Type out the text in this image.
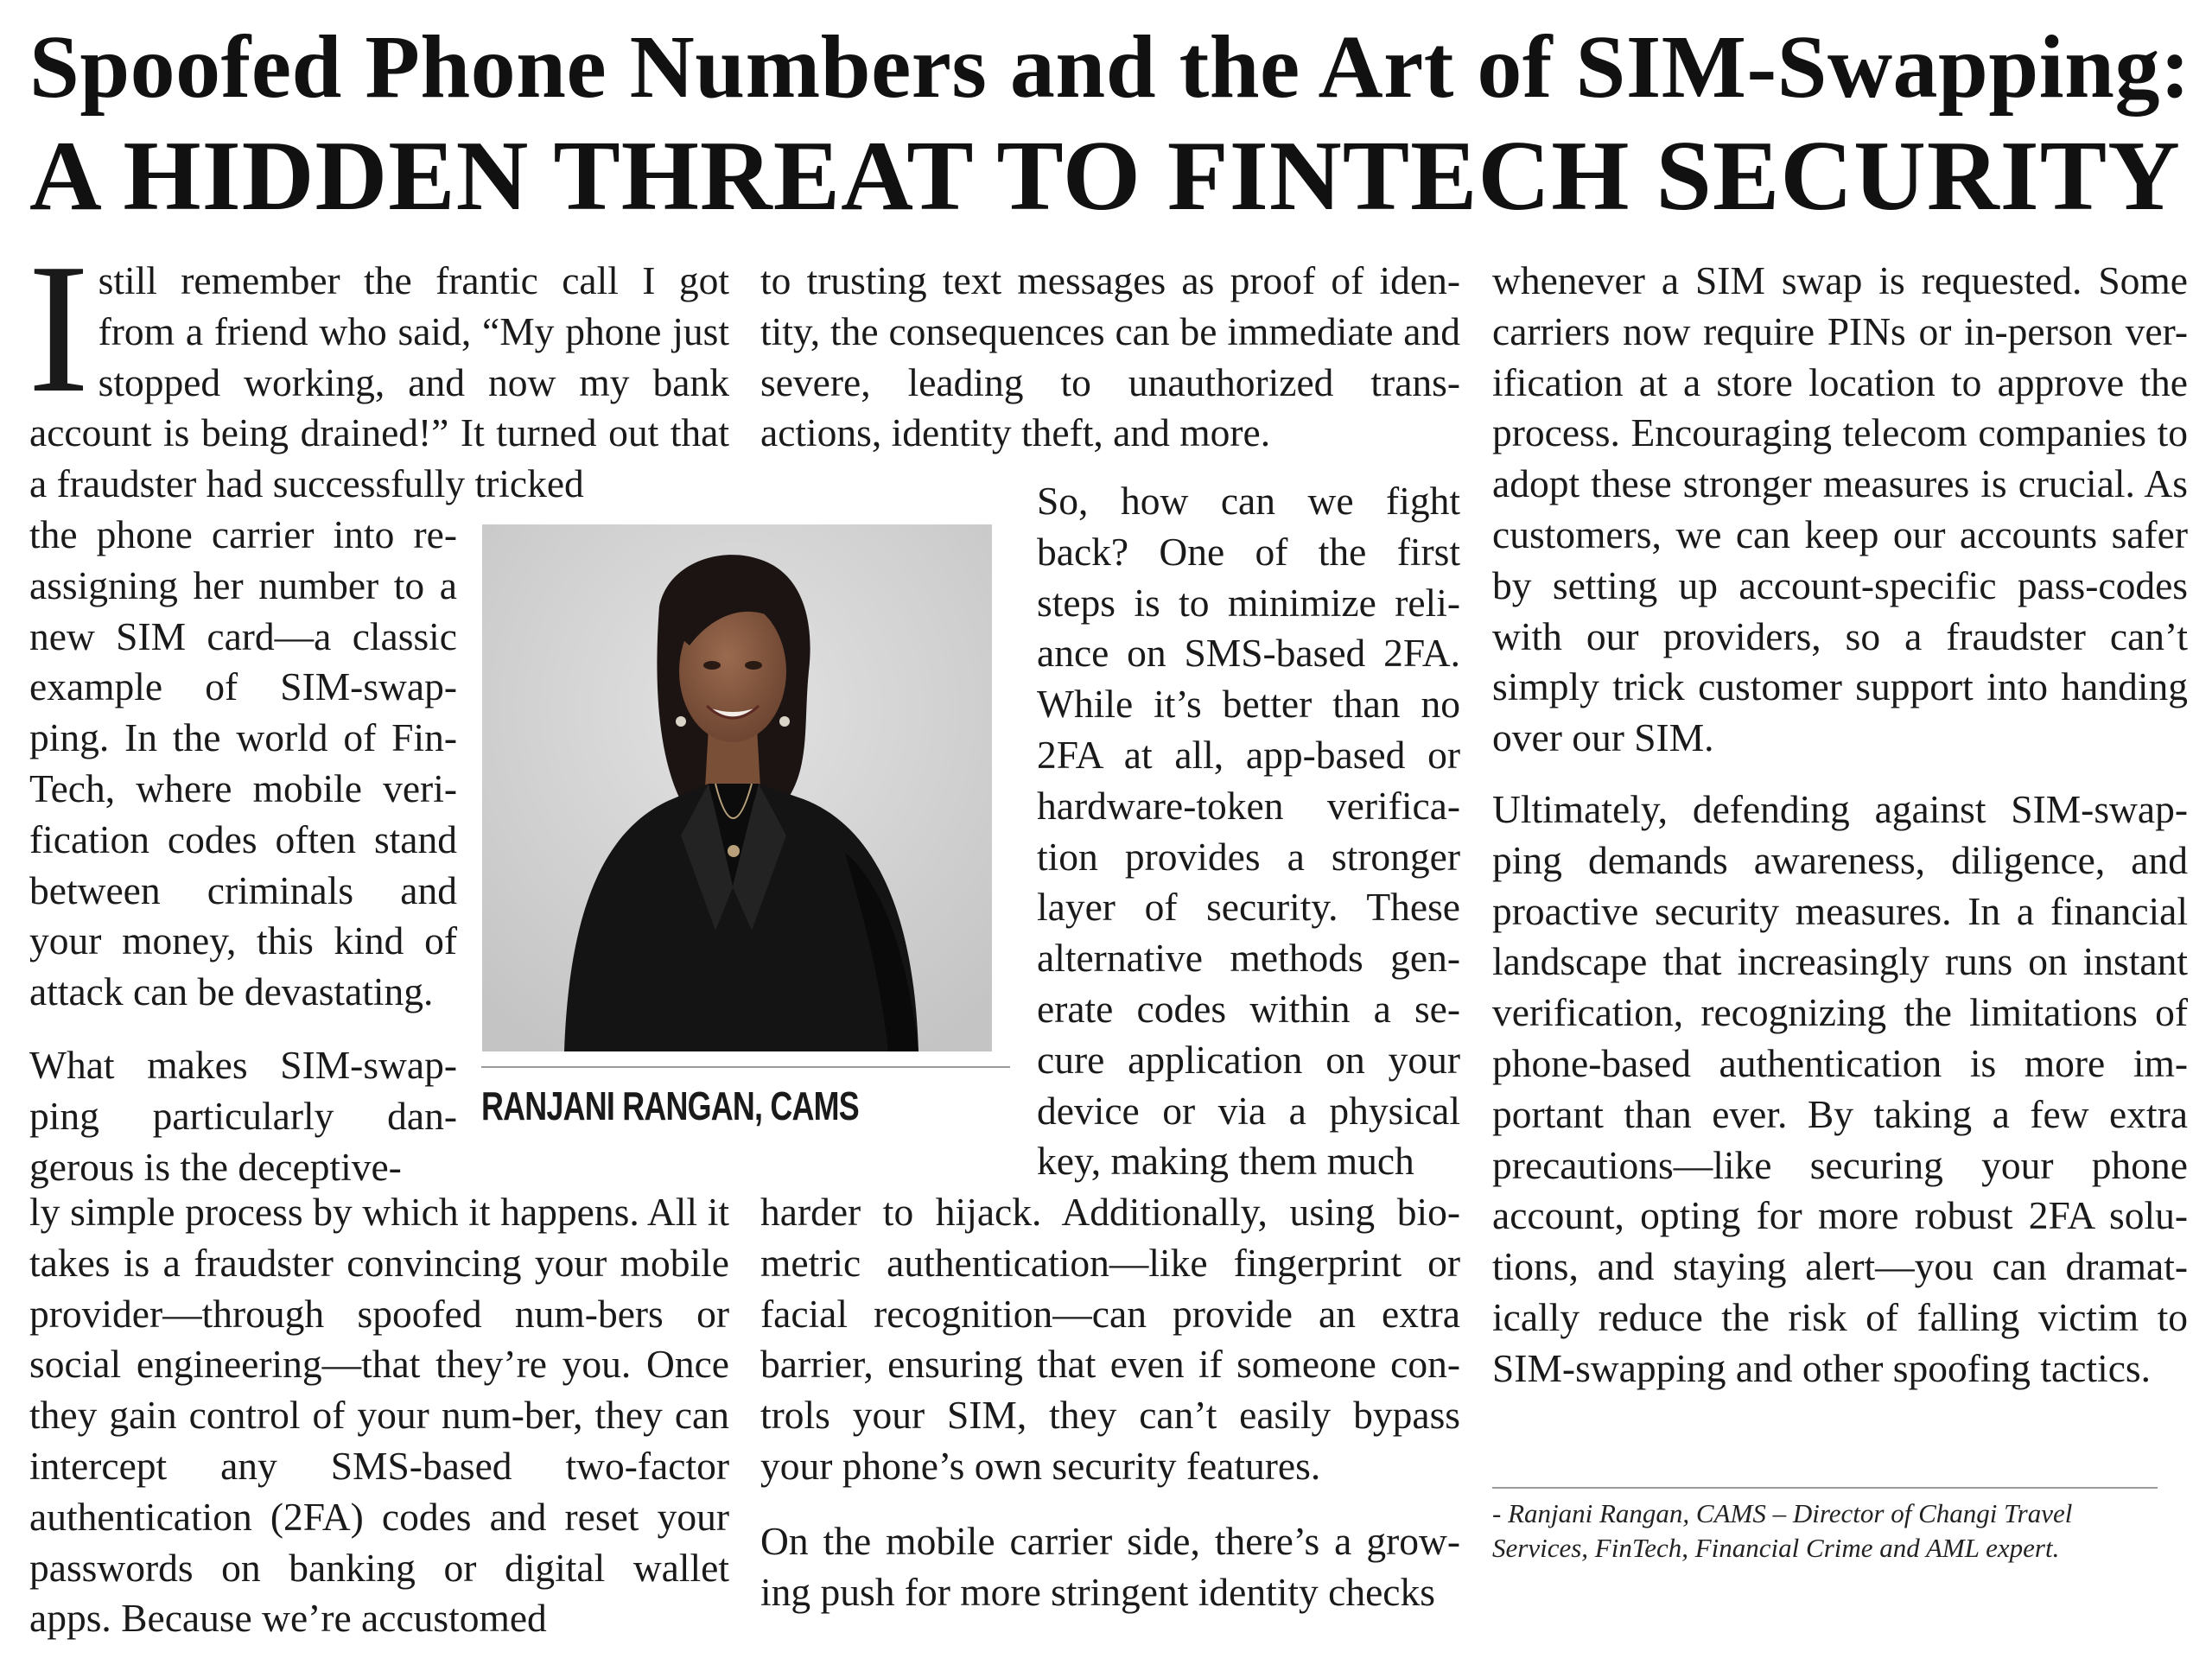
Spoofed Phone Numbers and the Art of SIM-Swapping:
A HIDDEN THREAT TO FINTECH SECURITY

Istill remember the frantic call I got from a friend who said, “My phone just stopped working, and now my bank account is being drained!” It turned out that a fraudster had successfully tricked

the phone carrier into re-assigning her number to a new SIM card—a classic example of SIM-swap-ping. In the world of Fin-Tech, where mobile veri-fication codes often stand between criminals and your money, this kind of attack can be devastating.

What makes SIM-swap-ping particularly dan-gerous is the deceptive-

ly simple process by which it happens. All it takes is a fraudster convincing your mobile provider—through spoofed num-bers or social engineering—that they’re you. Once they gain control of your num-ber, they can intercept any SMS-based two-factor authentication (2FA) codes and reset your passwords on banking or digital wallet apps. Because we’re accustomed

to trusting text messages as proof of iden-tity, the consequences can be immediate and severe, leading to unauthorized trans-actions, identity theft, and more.

So, how can we fight back? One of the first steps is to minimize reli-ance on SMS-based 2FA. While it’s better than no 2FA at all, app-based or hardware-token verifica-tion provides a stronger layer of security. These alternative methods gen-erate codes within a se-cure application on your device or via a physical key, making them much

harder to hijack. Additionally, using bio-metric authentication—like fingerprint or facial recognition—can provide an extra barrier, ensuring that even if someone con-trols your SIM, they can’t easily bypass your phone’s own security features.

On the mobile carrier side, there’s a grow-ing push for more stringent identity checks

whenever a SIM swap is requested. Some carriers now require PINs or in-person ver-ification at a store location to approve the process. Encouraging telecom companies to adopt these stronger measures is crucial. As customers, we can keep our accounts safer by setting up account-specific pass-codes with our providers, so a fraudster can’t simply trick customer support into handing over our SIM.

Ultimately, defending against SIM-swap-ping demands awareness, diligence, and proactive security measures. In a financial landscape that increasingly runs on instant verification, recognizing the limitations of phone-based authentication is more im-portant than ever. By taking a few extra precautions—like securing your phone account, opting for more robust 2FA solu-tions, and staying alert—you can dramat-ically reduce the risk of falling victim to SIM-swapping and other spoofing tactics.

RANJANI RANGAN, CAMS
- Ranjani Rangan, CAMS – Director of Changi Travel
Services, FinTech, Financial Crime and AML expert.
